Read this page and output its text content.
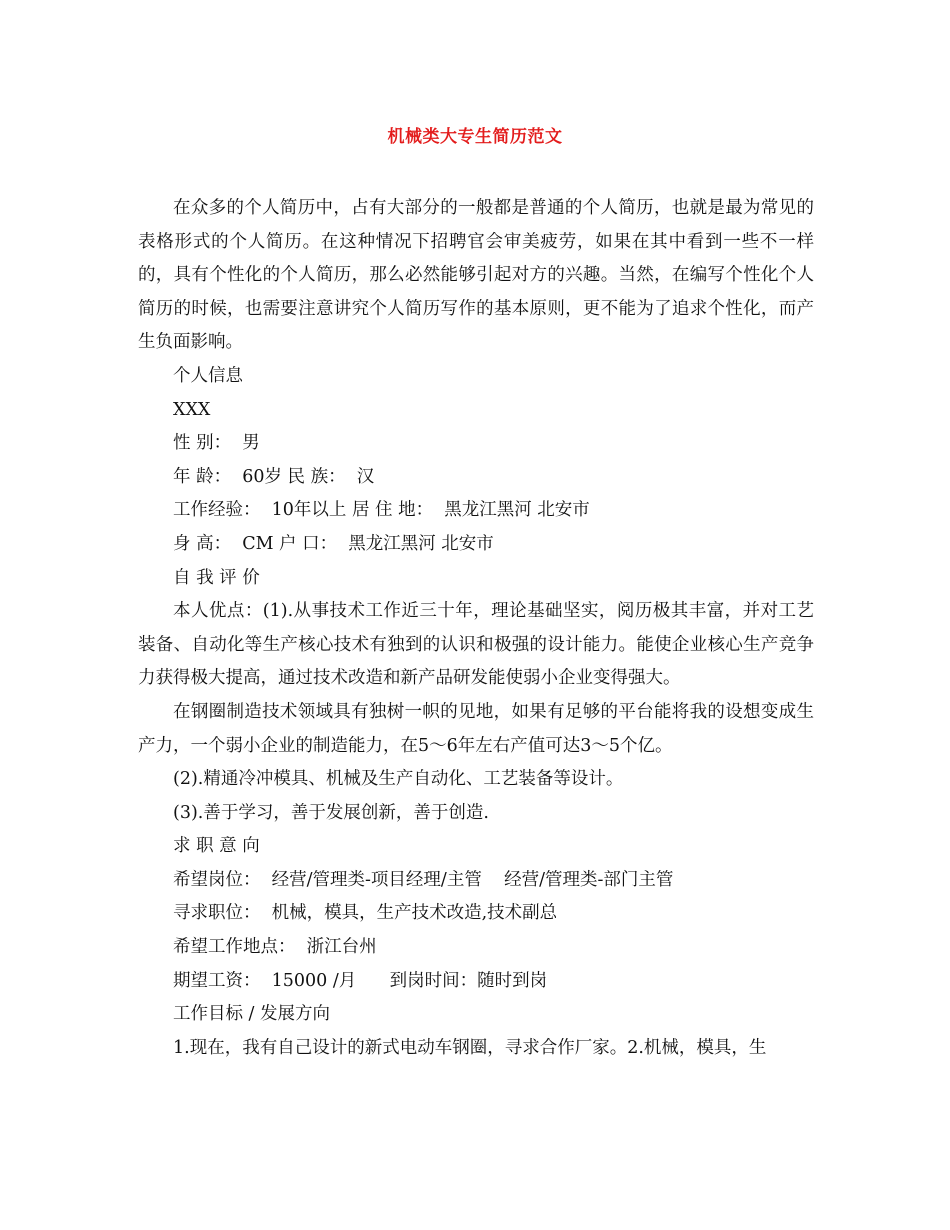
机械类大专生简历范文

在众多的个人简历中，占有大部分的一般都是普通的个人简历，也就是最为常见的表格形式的个人简历。在这种情况下招聘官会审美疲劳，如果在其中看到一些不一样的，具有个性化的个人简历，那么必然能够引起对方的兴趣。当然，在编写个性化个人简历的时候，也需要注意讲究个人简历写作的基本原则，更不能为了追求个性化，而产生负面影响。

个人信息

XXX

性 别：  男

年 龄：  60岁 民 族：  汉

工作经验：  10年以上 居 住 地：  黑龙江黑河 北安市

身 高：  CM 户 口：  黑龙江黑河 北安市

自 我 评 价

本人优点：(1).从事技术工作近三十年，理论基础坚实，阅历极其丰富，并对工艺装备、自动化等生产核心技术有独到的认识和极强的设计能力。能使企业核心生产竞争力获得极大提高，通过技术改造和新产品研发能使弱小企业变得强大。

在钢圈制造技术领域具有独树一帜的见地，如果有足够的平台能将我的设想变成生产力，一个弱小企业的制造能力，在5～6年左右产值可达3～5个亿。

(2).精通冷冲模具、机械及生产自动化、工艺装备等设计。

(3).善于学习，善于发展创新，善于创造.

求 职 意 向

希望岗位：  经营/管理类-项目经理/主管    经营/管理类-部门主管

寻求职位：  机械，模具，生产技术改造,技术副总

希望工作地点：  浙江台州

期望工资：  15000 /月      到岗时间：随时到岗

工作目标 / 发展方向

1.现在，我有自己设计的新式电动车钢圈，寻求合作厂家。2.机械，模具，生
